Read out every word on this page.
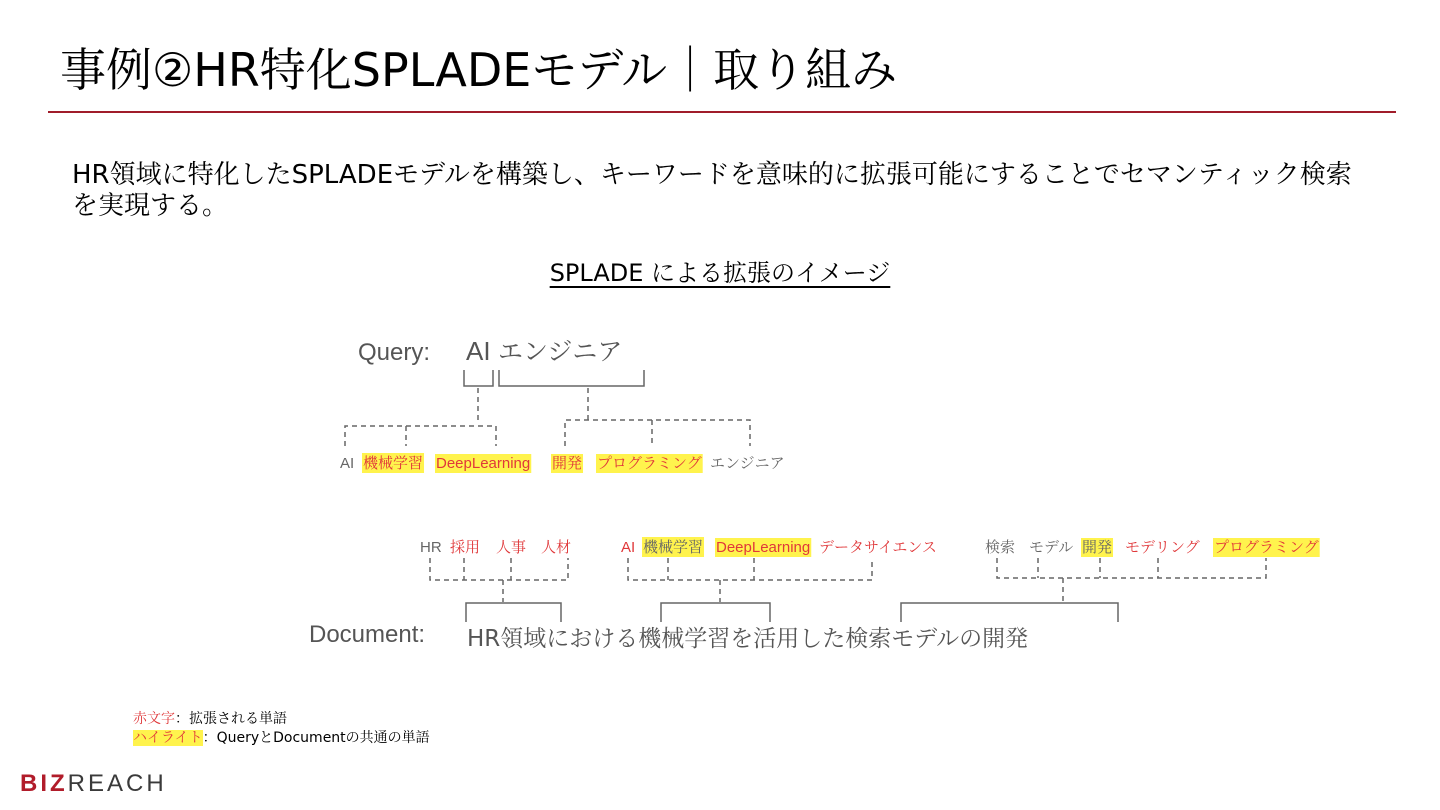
事例②HR特化SPLADEモデル｜取り組み
HR領域に特化したSPLADEモデルを構築し、キーワードを意味的に拡張可能にすることでセマンティック検索を実現する。
SPLADE による拡張のイメージ
Query: AI エンジニア
AI 機械学習 DeepLearning 開発 プログラミング エンジニア
HR 採用 人事 人材	AI 機械学習 DeepLearning データサイエンス	検索 モデル 開発 モデリング プログラミング
Document: HR領域における機械学習を活用した検索モデルの開発
赤文字：拡張される単語
ハイライト：QueryとDocumentの共通の単語
BIZREACH
